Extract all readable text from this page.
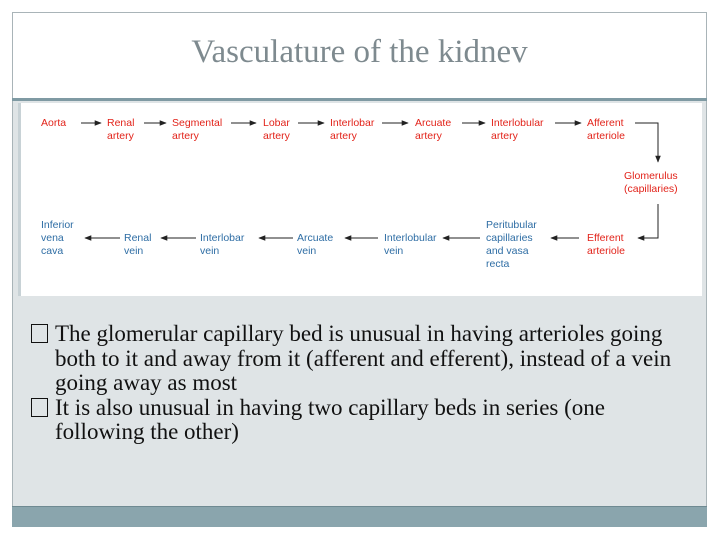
Vasculature of the kidnev
Aorta	Renal
artery
Segmental
artery
Lobar
artery
Interlobar
artery
Arcuate
artery
Interlobular
artery
Afferent
arteriole
Glomerulus
(capillaries)
Efferent
arteriole
Peritubular
capillaries
and vasa
recta
Interlobular
vein
Arcuate
vein
Interlobar
vein
Renal
vein
Inferior
vena
cava
The glomerular capillary bed is unusual in having arterioles going both to it and away from it (afferent and efferent), instead of a vein going away as most
It is also unusual in having two capillary beds in series (one following the other)
